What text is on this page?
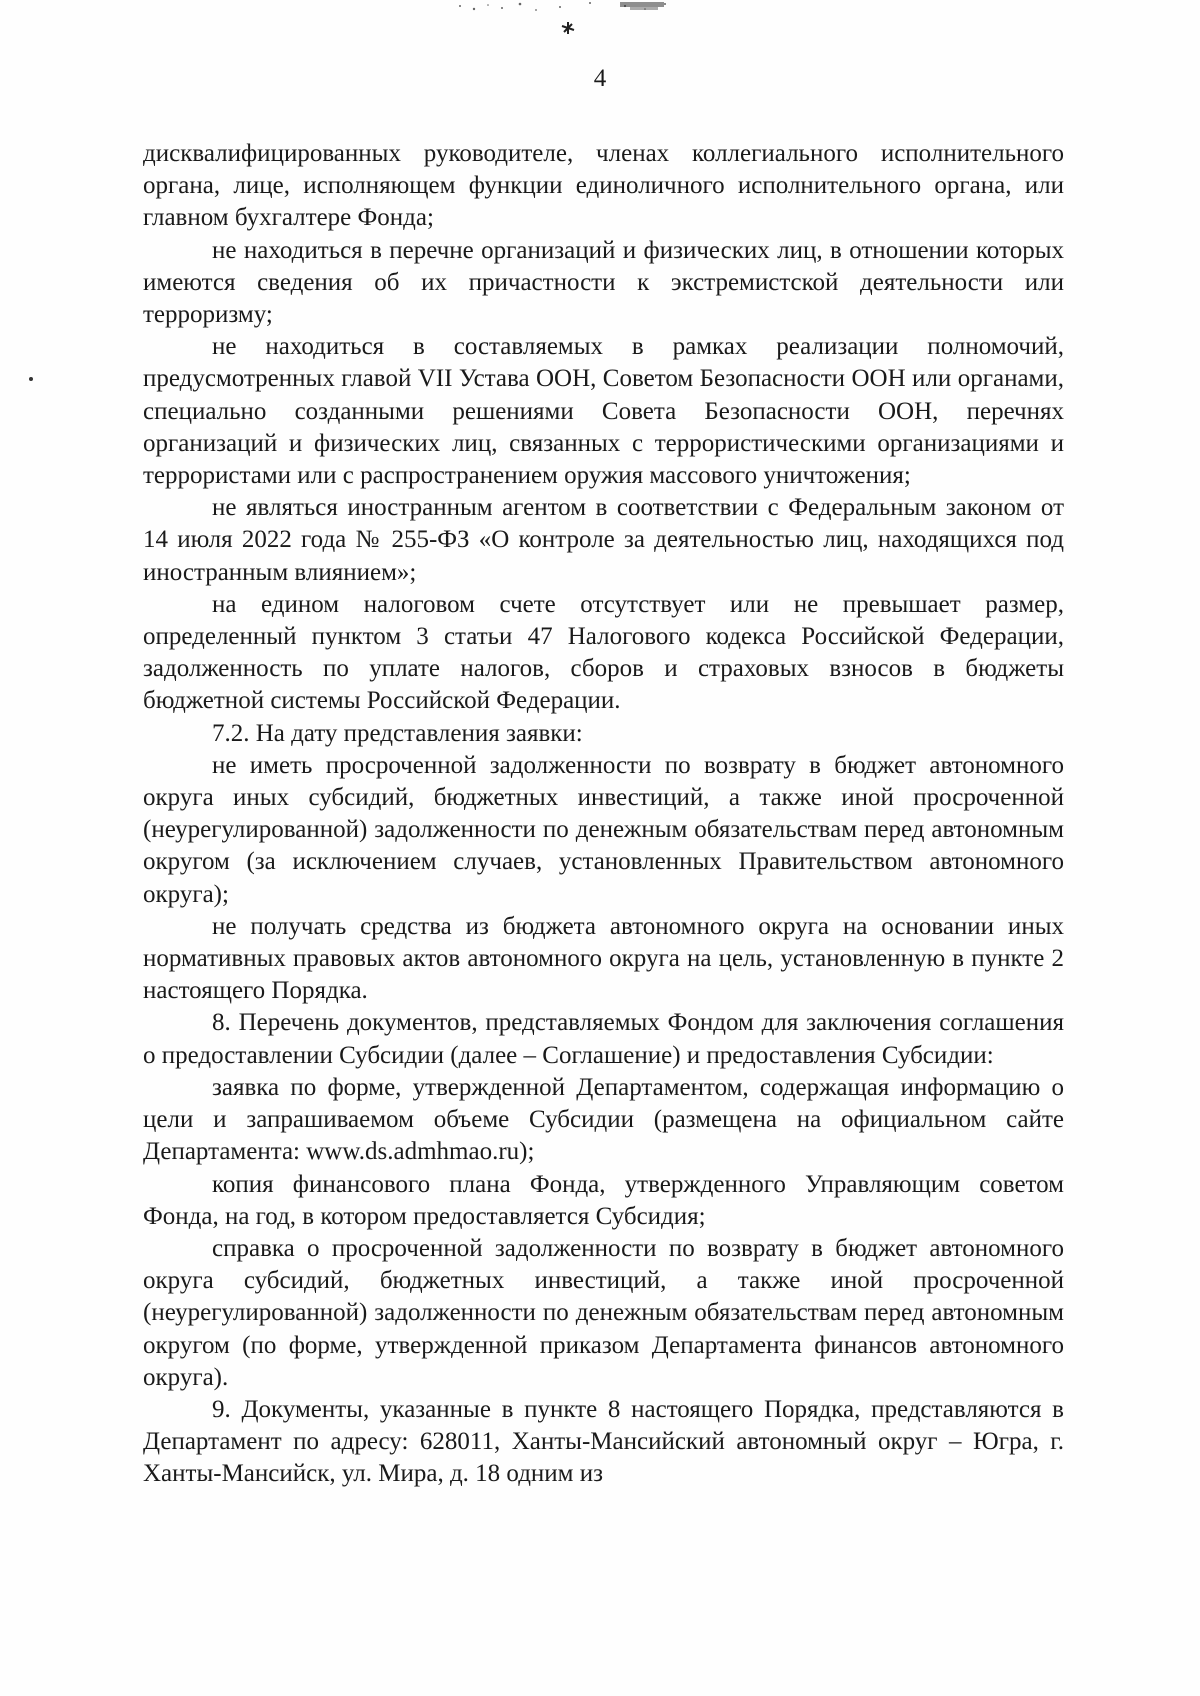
4

дисквалифицированных руководителе, членах коллегиального исполнительного органа, лице, исполняющем функции единоличного исполнительного органа, или главном бухгалтере Фонда;

не находиться в перечне организаций и физических лиц, в отношении которых имеются сведения об их причастности к экстремистской деятельности или терроризму;

не находиться в составляемых в рамках реализации полномочий, предусмотренных главой VII Устава ООН, Советом Безопасности ООН или органами, специально созданными решениями Совета Безопасности ООН, перечнях организаций и физических лиц, связанных с террористическими организациями и террористами или с распространением оружия массового уничтожения;

не являться иностранным агентом в соответствии с Федеральным законом от 14 июля 2022 года № 255-ФЗ «О контроле за деятельностью лиц, находящихся под иностранным влиянием»;

на едином налоговом счете отсутствует или не превышает размер, определенный пунктом 3 статьи 47 Налогового кодекса Российской Федерации, задолженность по уплате налогов, сборов и страховых взносов в бюджеты бюджетной системы Российской Федерации.

7.2. На дату представления заявки:

не иметь просроченной задолженности по возврату в бюджет автономного округа иных субсидий, бюджетных инвестиций, а также иной просроченной (неурегулированной) задолженности по денежным обязательствам перед автономным округом (за исключением случаев, установленных Правительством автономного округа);

не получать средства из бюджета автономного округа на основании иных нормативных правовых актов автономного округа на цель, установленную в пункте 2 настоящего Порядка.

8. Перечень документов, представляемых Фондом для заключения соглашения о предоставлении Субсидии (далее – Соглашение) и предоставления Субсидии:

заявка по форме, утвержденной Департаментом, содержащая информацию о цели и запрашиваемом объеме Субсидии (размещена на официальном сайте Департамента: www.ds.admhmao.ru);

копия финансового плана Фонда, утвержденного Управляющим советом Фонда, на год, в котором предоставляется Субсидия;

справка о просроченной задолженности по возврату в бюджет автономного округа субсидий, бюджетных инвестиций, а также иной просроченной (неурегулированной) задолженности по денежным обязательствам перед автономным округом (по форме, утвержденной приказом Департамента финансов автономного округа).

9. Документы, указанные в пункте 8 настоящего Порядка, представляются в Департамент по адресу: 628011, Ханты-Мансийский автономный округ – Югра, г. Ханты-Мансийск, ул. Мира, д. 18 одним из
